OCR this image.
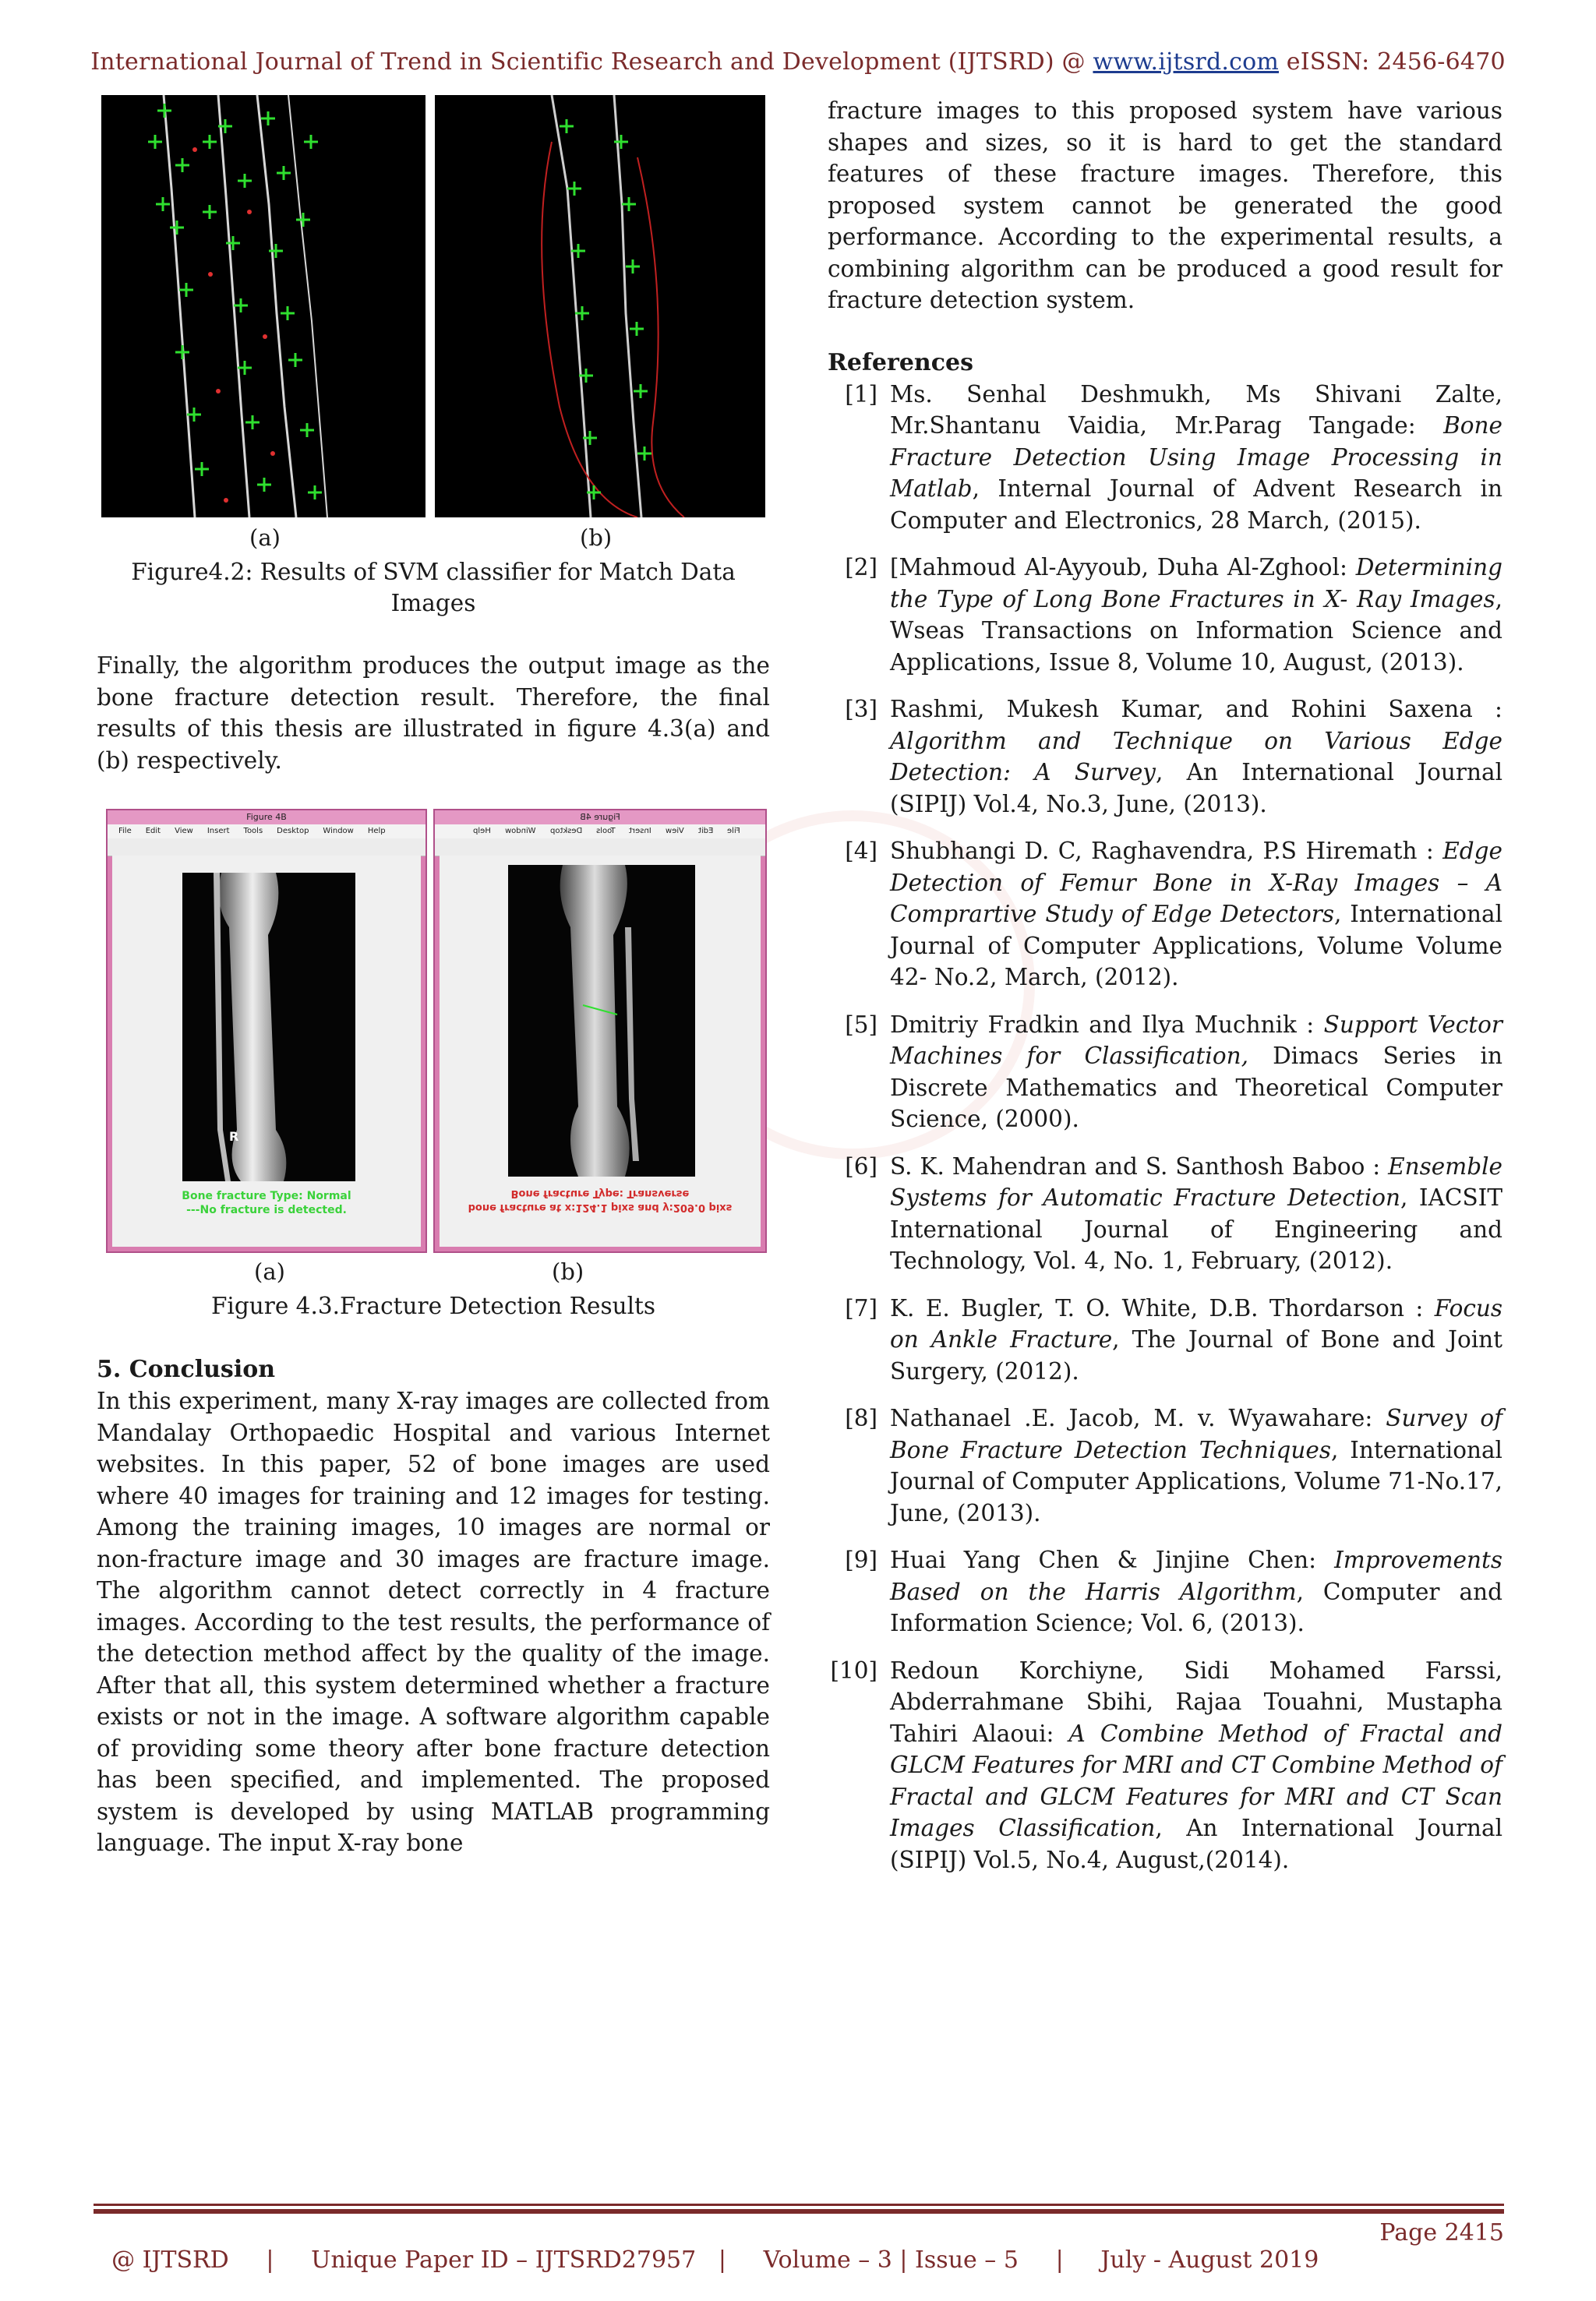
International Journal of Trend in Scientific Research and Development (IJTSRD) @ www.ijtsrd.com eISSN: 2456-6470
(a)	(b)

Figure4.2: Results of SVM classifier for Match Data Images

Finally, the algorithm produces the output image as the bone fracture detection result. Therefore, the final results of this thesis are illustrated in figure 4.3(a) and (b) respectively.

Figure 4B
File Edit View Insert Tools Desktop Window Help
R
Bone fracture Type: Normal
---No fracture is detected.
Figure 4B
Help Window Desktop Tools Insert View Edit File
bone fracture at x:124.1 pixs and y:209.0 pixs
Bone fracture Type: Transverse
(a)	(b)

Figure 4.3.Fracture Detection Results

5. Conclusion

In this experiment, many X-ray images are collected from Mandalay Orthopaedic Hospital and various Internet websites. In this paper, 52 of bone images are used where 40 images for training and 12 images for testing. Among the training images, 10 images are normal or non-fracture image and 30 images are fracture image. The algorithm cannot detect correctly in 4 fracture images. According to the test results, the performance of the detection method affect by the quality of the image. After that all, this system determined whether a fracture exists or not in the image. A software algorithm capable of providing some theory after bone fracture detection has been specified, and implemented. The proposed system is developed by using MATLAB programming language. The input X-ray bone

fracture images to this proposed system have various shapes and sizes, so it is hard to get the standard features of these fracture images. Therefore, this proposed system cannot be generated the good performance. According to the experimental results, a combining algorithm can be produced a good result for fracture detection system.

References

[1] Ms. Senhal Deshmukh, Ms Shivani Zalte, Mr.Shantanu Vaidia, Mr.Parag Tangade: Bone Fracture Detection Using Image Processing in Matlab, Internal Journal of Advent Research in Computer and Electronics, 28 March, (2015).

[2] [Mahmoud Al-Ayyoub, Duha Al-Zghool: Determining the Type of Long Bone Fractures in X- Ray Images, Wseas Transactions on Information Science and Applications, Issue 8, Volume 10, August, (2013).

[3] Rashmi, Mukesh Kumar, and Rohini Saxena : Algorithm and Technique on Various Edge Detection: A Survey, An International Journal (SIPIJ) Vol.4, No.3, June, (2013).

[4] Shubhangi D. C, Raghavendra, P.S Hiremath : Edge Detection of Femur Bone in X-Ray Images – A Comprartive Study of Edge Detectors, International Journal of Computer Applications, Volume Volume 42- No.2, March, (2012).

[5] Dmitriy Fradkin and Ilya Muchnik : Support Vector Machines for Classification, Dimacs Series in Discrete Mathematics and Theoretical Computer Science, (2000).

[6] S. K. Mahendran and S. Santhosh Baboo : Ensemble Systems for Automatic Fracture Detection, IACSIT International Journal of Engineering and Technology, Vol. 4, No. 1, February, (2012).

[7] K. E. Bugler, T. O. White, D.B. Thordarson : Focus on Ankle Fracture, The Journal of Bone and Joint Surgery, (2012).

[8] Nathanael .E. Jacob, M. v. Wyawahare: Survey of Bone Fracture Detection Techniques, International Journal of Computer Applications, Volume 71-No.17, June, (2013).

[9] Huai Yang Chen & Jinjine Chen: Improvements Based on the Harris Algorithm, Computer and Information Science; Vol. 6, (2013).

[10] Redoun Korchiyne, Sidi Mohamed Farssi, Abderrahmane Sbihi, Rajaa Touahni, Mustapha Tahiri Alaoui: A Combine Method of Fractal and GLCM Features for MRI and CT Combine Method of Fractal and GLCM Features for MRI and CT Scan Images Classification, An International Journal (SIPIJ) Vol.5, No.4, August,(2014).

@ IJTSRD     |     Unique Paper ID – IJTSRD27957   |     Volume – 3 | Issue – 5     |     July - August 2019

Page 2415
